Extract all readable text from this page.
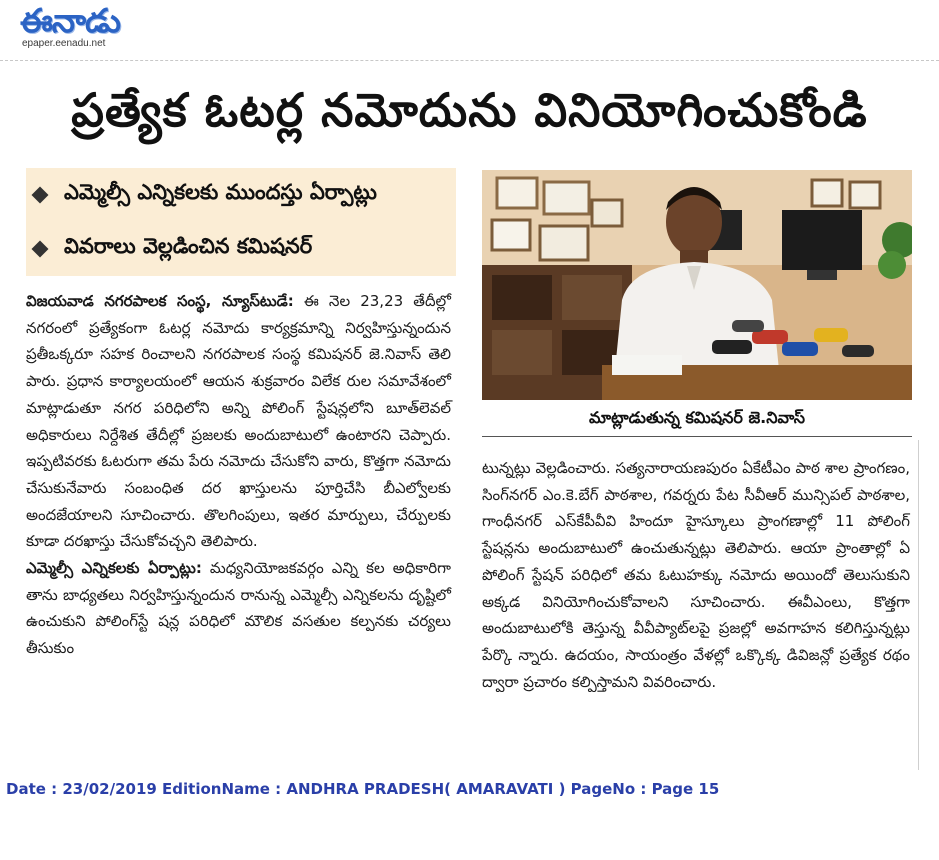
ఈనాడు
epaper.eenadu.net
ప్రత్యేక ఓటర్ల నమోదును వినియోగించుకోండి
ఎమ్మెల్సీ ఎన్నికలకు ముందస్తు ఏర్పాట్లు
వివరాలు వెల్లడించిన కమిషనర్
మాట్లాడుతున్న కమిషనర్ జె.నివాస్

విజయవాడ నగరపాలక సంస్థ, న్యూస్‌టుడే: ఈ నెల 23,23 తేదీల్లో నగరంలో ప్రత్యేకంగా ఓటర్ల నమోదు కార్యక్రమాన్ని నిర్వహిస్తున్నందున ప్రతీఒక్కరూ సహక రించాలని నగరపాలక సంస్థ కమిషనర్ జె.నివాస్ తెలి పారు. ప్రధాన కార్యాలయంలో ఆయన శుక్రవారం విలేక రుల సమావేశంలో మాట్లాడుతూ నగర పరిధిలోని అన్ని పోలింగ్ స్టేషన్లలోని బూత్‌లెవల్ అధికారులు నిర్దేశిత తేదీల్లో ప్రజలకు అందుబాటులో ఉంటారని చెప్పారు. ఇప్పటివరకు ఓటరుగా తమ పేరు నమోదు చేసుకోని వారు, కొత్తగా నమోదు చేసుకునేవారు సంబంధిత దర ఖాస్తులను పూర్తిచేసి బీఎల్వోలకు అందజేయాలని సూచించారు. తొలగింపులు, ఇతర మార్పులు, చేర్పులకు కూడా దరఖాస్తు చేసుకోవచ్చని తెలిపారు.

ఎమ్మెల్సీ ఎన్నికలకు ఏర్పాట్లు: మధ్యనియోజకవర్గం ఎన్ని కల అధికారిగా తాను బాధ్యతలు నిర్వహిస్తున్నందున రానున్న ఎమ్మెల్సీ ఎన్నికలను దృష్టిలో ఉంచుకుని పోలింగ్‌స్టే షన్ల పరిధిలో మౌలిక వసతుల కల్పనకు చర్యలు తీసుకుం

టున్నట్లు వెల్లడించారు. సత్యనారాయణపురం ఏకేటీఎం పాఠ శాల ప్రాంగణం, సింగ్‌నగర్ ఎం.కె.బేగ్ పాఠశాల, గవర్నరు పేట సీవీఆర్ మున్సిపల్ పాఠశాల, గాంధీనగర్ ఎస్‌కేపీవీవి హిందూ హైస్కూలు ప్రాంగణాల్లో 11 పోలింగ్ స్టేషన్లను అందుబాటులో ఉంచుతున్నట్లు తెలిపారు. ఆయా ప్రాంతాల్లో ఏ పోలింగ్ స్టేషన్ పరిధిలో తమ ఓటుహక్కు నమోదు అయిందో తెలుసుకుని అక్కడ వినియోగించుకోవాలని సూచించారు. ఈవీఎంలు, కొత్తగా అందుబాటులోకి తెస్తున్న వీవీప్యాట్‌లపై ప్రజల్లో అవగాహన కలిగిస్తున్నట్లు పేర్కొ న్నారు. ఉదయం, సాయంత్రం వేళల్లో ఒక్కొక్క డివిజన్లో ప్రత్యేక రథం ద్వారా ప్రచారం కల్పిస్తామని వివరించారు.

Date : 23/02/2019 EditionName : ANDHRA PRADESH( AMARAVATI ) PageNo : Page 15
